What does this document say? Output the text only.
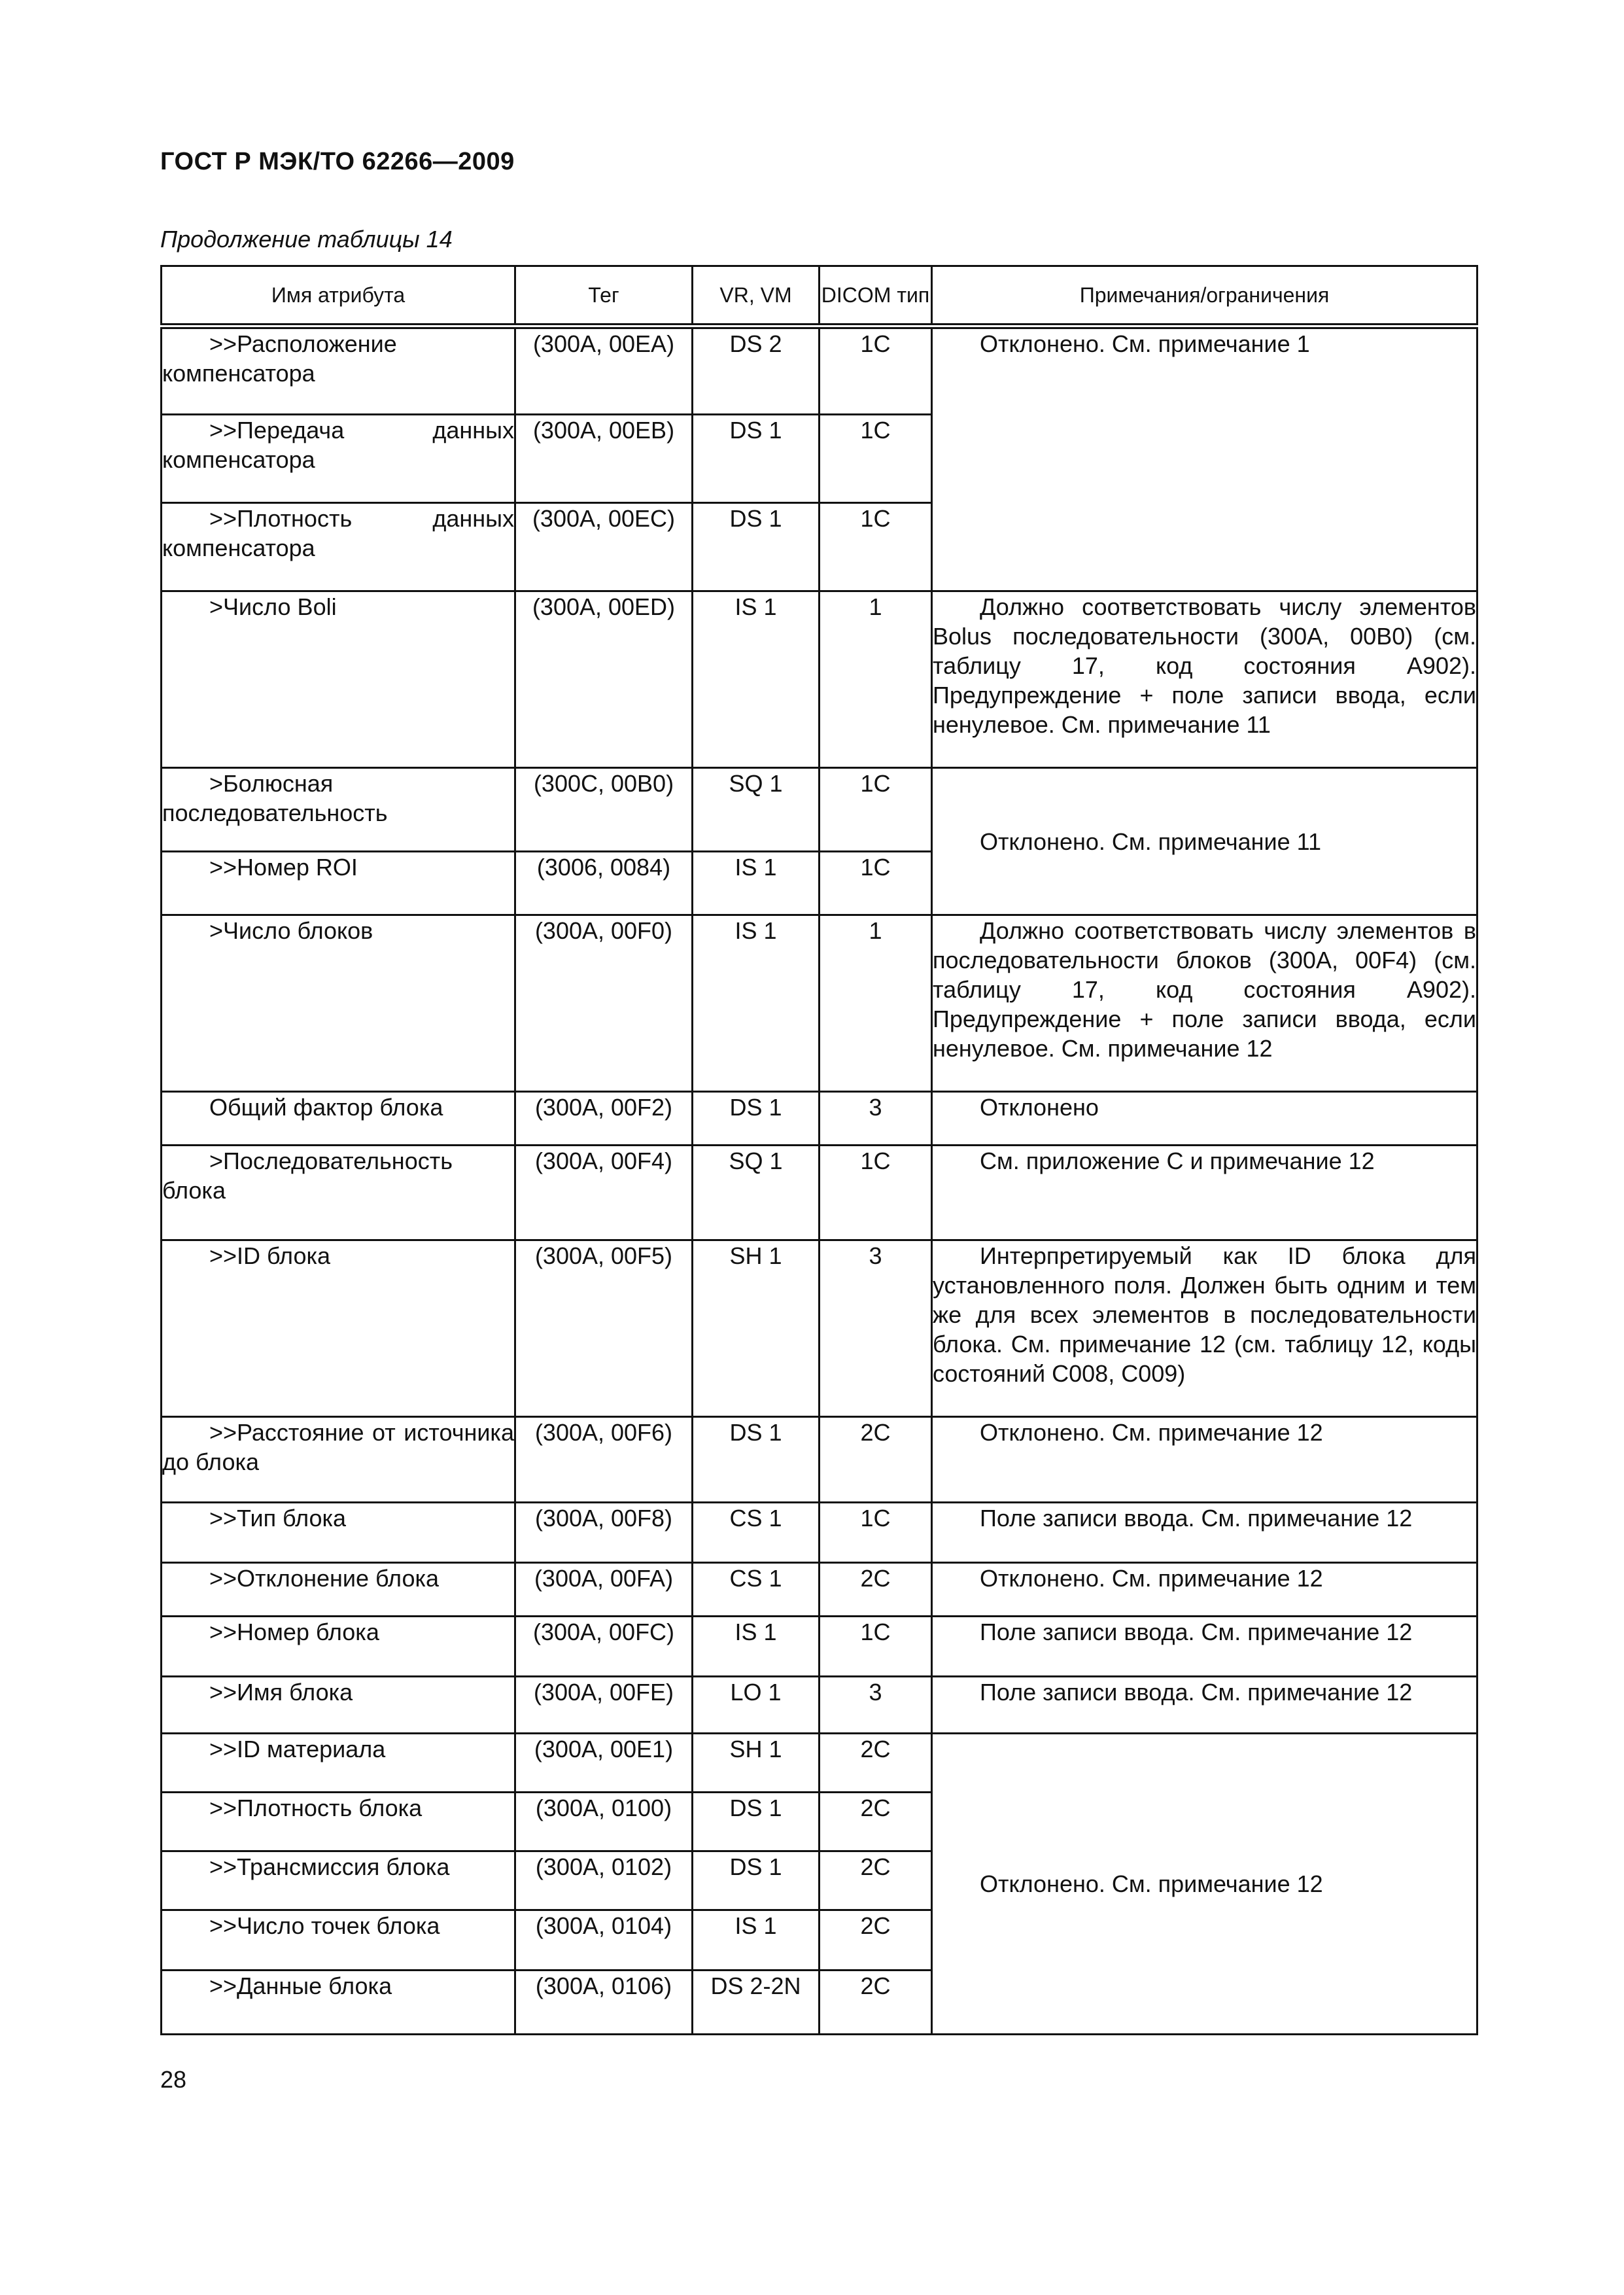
ГОСТ Р МЭК/ТО 62266—2009
Продолжение таблицы 14
Имя атрибута	Тег	VR, VM	DICOM тип	Примечания/ограничения

>>Расположение компенсатора	(300A, 00EA)	DS 2	1C	Отклонено. См. примечание 1

>>Передача данных компенсатора	(300A, 00EB)	DS 1	1C	

>>Плотность данных компенсатора	(300A, 00EC)	DS 1	1C	

>Число Boli	(300A, 00ED)	IS 1	1	Должно соответствовать числу элементов Bolus последовательности (300A, 00B0) (см. таблицу 17, код состояния A902). Предупреждение + поле записи ввода, если ненулевое. См. примечание 11

>Болюсная последовательность	(300C, 00B0)	SQ 1	1C	Отклонено. См. примечание 11

>>Номер ROI	(3006, 0084)	IS 1	1C	

>Число блоков	(300A, 00F0)	IS 1	1	Должно соответствовать числу элементов в последовательности блоков (300A, 00F4) (см. таблицу 17, код состояния A902). Предупреждение + поле записи ввода, если ненулевое. См. примечание 12

Общий фактор блока	(300A, 00F2)	DS 1	3	Отклонено

>Последовательность блока	(300A, 00F4)	SQ 1	1C	См. приложение C и примечание 12

>>ID блока	(300A, 00F5)	SH 1	3	Интерпретируемый как ID блока для установленного поля. Должен быть одним и тем же для всех элементов в последовательности блока. См. примечание 12 (см. таблицу 12, коды состояний C008, C009)

>>Расстояние от источника до блока	(300A, 00F6)	DS 1	2C	Отклонено. См. примечание 12

>>Тип блока	(300A, 00F8)	CS 1	1C	Поле записи ввода. См. примечание 12

>>Отклонение блока	(300A, 00FA)	CS 1	2C	Отклонено. См. примечание 12

>>Номер блока	(300A, 00FC)	IS 1	1C	Поле записи ввода. См. примечание 12

>>Имя блока	(300A, 00FE)	LO 1	3	Поле записи ввода. См. примечание 12

>>ID материала	(300A, 00E1)	SH 1	2C	Отклонено. См. примечание 12

>>Плотность блока	(300A, 0100)	DS 1	2C	

>>Трансмиссия блока	(300A, 0102)	DS 1	2C	

>>Число точек блока	(300A, 0104)	IS 1	2C	

>>Данные блока	(300A, 0106)	DS 2-2N	2C	
28
